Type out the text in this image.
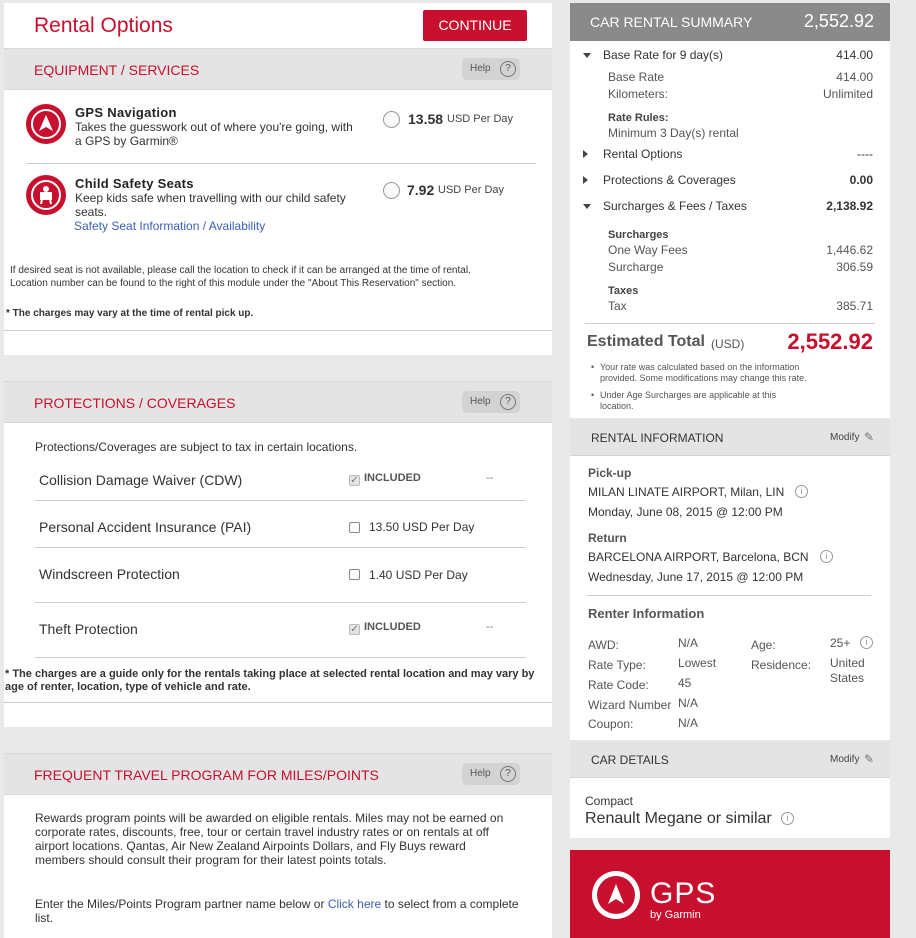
Rental Options	CONTINUE
EQUIPMENT / SERVICES	Help	?
GPS Navigation
Takes the guesswork out of where you're going, with
a GPS by Garmin®
13.58 USD Per Day
Child Safety Seats
Keep kids safe when travelling with our child safety
seats.
Safety Seat Information / Availability
7.92 USD Per Day
If desired seat is not available, please call the location to check if it can be arranged at the time of rental.
Location number can be found to the right of this module under the "About This Reservation" section.
* The charges may vary at the time of rental pick up.
PROTECTIONS / COVERAGES	Help	?
Protections/Coverages are subject to tax in certain locations.
Collision Damage Waiver (CDW)	✓ INCLUDED	--
Personal Accident Insurance (PAI)	13.50 USD Per Day
Windscreen Protection	1.40 USD Per Day
Theft Protection	✓ INCLUDED	--
* The charges are a guide only for the rentals taking place at selected rental location and may vary by
age of renter, location, type of vehicle and rate.
FREQUENT TRAVEL PROGRAM FOR MILES/POINTS	Help	?
Rewards program points will be awarded on eligible rentals. Miles may not be earned on
corporate rates, discounts, free, tour or certain travel industry rates or on rentals at off
airport locations. Qantas, Air New Zealand Airpoints Dollars, and Fly Buys reward
members should consult their program for their latest points totals.
Enter the Miles/Points Program partner name below or Click here to select from a complete
list.
CAR RENTAL SUMMARY	2,552.92
Base Rate for 9 day(s)	414.00
Base Rate	414.00
Kilometers:	Unlimited
Rate Rules:
Minimum 3 Day(s) rental
Rental Options	----
Protections & Coverages	0.00
Surcharges & Fees / Taxes	2,138.92
Surcharges
One Way Fees	1,446.62
Surcharge	306.59
Taxes
Tax	385.71
Estimated Total (USD) 2,552.92
Your rate was calculated based on the information
provided. Some modifications may change this rate.
•
Under Age Surcharges are applicable at this
location.
•
RENTAL INFORMATION	Modify ✎
Pick-up
MILAN LINATE AIRPORT, Milan, LIN	i
Monday, June 08, 2015 @ 12:00 PM
Return
BARCELONA AIRPORT, Barcelona, BCN	i
Wednesday, June 17, 2015 @ 12:00 PM
Renter Information
AWD:	N/A	Age:	25+	i
Rate Type:	Lowest	Residence: United
States
Rate Code: 45
Wizard Number N/A
Coupon:	N/A
CAR DETAILS	Modify ✎
Compact
Renault Megane or similar	i
GPS
by Garmin
